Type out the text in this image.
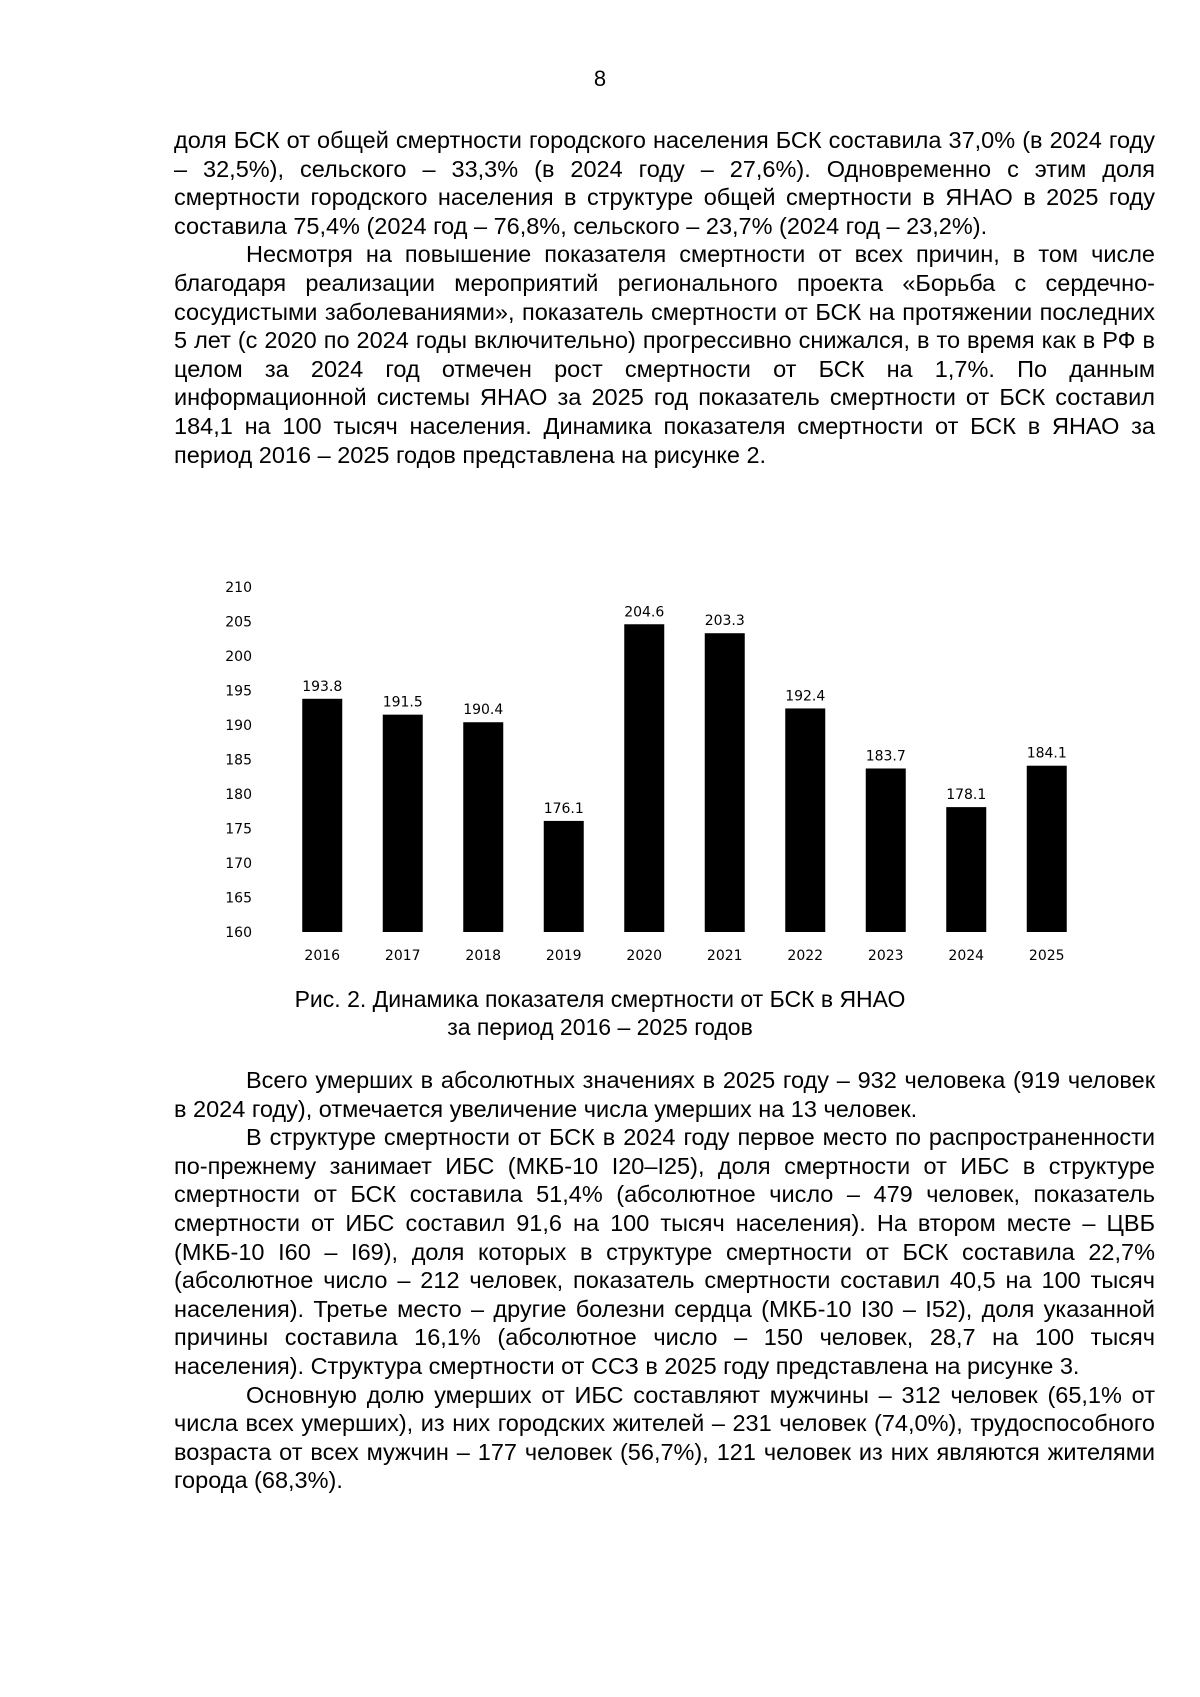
8

доля БСК от общей смертности городского населения БСК составила 37,0% (в 2024 году – 32,5%), сельского – 33,3% (в 2024 году – 27,6%). Одновременно с этим доля смертности городского населения в структуре общей смертности в ЯНАО в 2025 году составила 75,4% (2024 год – 76,8%, сельского – 23,7% (2024 год – 23,2%).

Несмотря на повышение показателя смертности от всех причин, в том числе благодаря реализации мероприятий регионального проекта «Борьба с сердечно-сосудистыми заболеваниями», показатель смертности от БСК на протяжении последних 5 лет (с 2020 по 2024 годы включительно) прогрессивно снижался, в то время как в РФ в целом за 2024 год отмечен рост смертности от БСК на 1,7%. По данным информационной системы ЯНАО за 2025 год показатель смертности от БСК составил 184,1 на 100 тысяч населения. Динамика показателя смертности от БСК в ЯНАО за период 2016 – 2025 годов представлена на рисунке 2.

160
165
170
175
180
185
190
195
200
205
210
193.8
191.5	190.4
176.1
204.6
203.3
192.4
183.7
178.1
184.1
2016	2017	2018	2019	2020	2021	2022	2023	2024	2025
Рис. 2. Динамика показателя смертности от БСК в ЯНАО
за период 2016 – 2025 годов

Всего умерших в абсолютных значениях в 2025 году – 932 человека (919 человек в 2024 году), отмечается увеличение числа умерших на 13 человек.

В структуре смертности от БСК в 2024 году первое место по распространенности по-прежнему занимает ИБС (МКБ-10 I20–I25), доля смертности от ИБС в структуре смертности от БСК составила 51,4% (абсолютное число – 479 человек, показатель смертности от ИБС составил 91,6 на 100 тысяч населения). На втором месте – ЦВБ (МКБ-10 I60 – I69), доля которых в структуре смертности от БСК составила 22,7% (абсолютное число – 212 человек, показатель смертности составил 40,5 на 100 тысяч населения). Третье место – другие болезни сердца (МКБ-10 I30 – I52), доля указанной причины составила 16,1% (абсолютное число – 150 человек, 28,7 на 100 тысяч населения). Структура смертности от ССЗ в 2025 году представлена на рисунке 3.

Основную долю умерших от ИБС составляют мужчины – 312 человек (65,1% от числа всех умерших), из них городских жителей – 231 человек (74,0%), трудоспособного возраста от всех мужчин – 177 человек (56,7%), 121 человек из них являются жителями города (68,3%).
